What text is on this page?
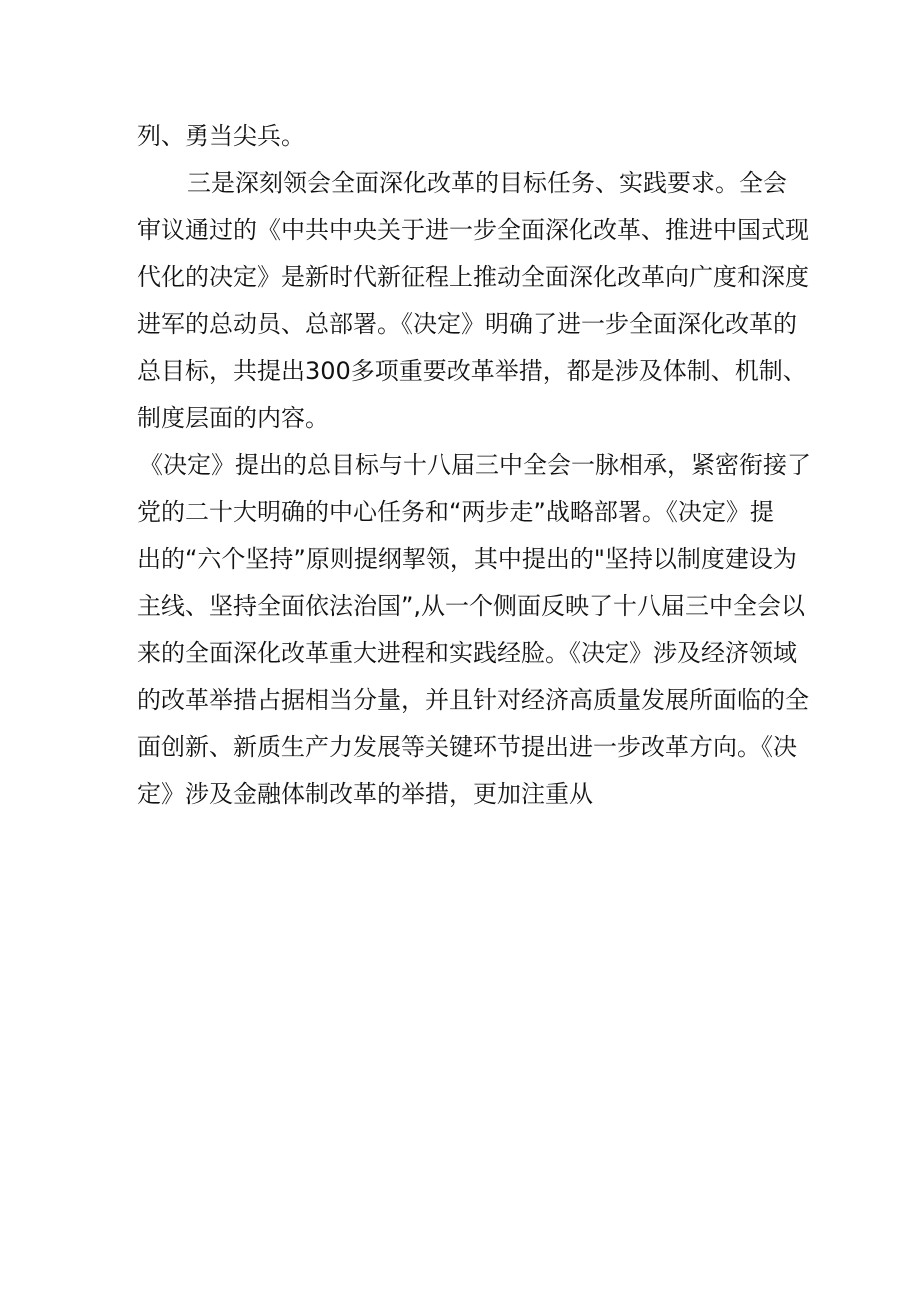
列、勇当尖兵。
三是深刻领会全面深化改革的目标任务、实践要求。全会
审议通过的《中共中央关于进一步全面深化改革、推进中国式现
代化的决定》是新时代新征程上推动全面深化改革向广度和深度
进军的总动员、总部署。《决定》明确了进一步全面深化改革的
总目标，共提出300多项重要改革举措，都是涉及体制、机制、
制度层面的内容。
《决定》提出的总目标与十八届三中全会一脉相承，紧密衔接了
党的二十大明确的中心任务和“两步走”战略部署。《决定》提
出的“六个坚持”原则提纲挈领，其中提出的"坚持以制度建设为
主线、坚持全面依法治国”,从一个侧面反映了十八届三中全会以
来的全面深化改革重大进程和实践经脸。《决定》涉及经济领域
的改革举措占据相当分量，并且针对经济高质量发展所面临的全
面创新、新质生产力发展等关键环节提出进一步改革方向。《决
定》涉及金融体制改革的举措，更加注重从
